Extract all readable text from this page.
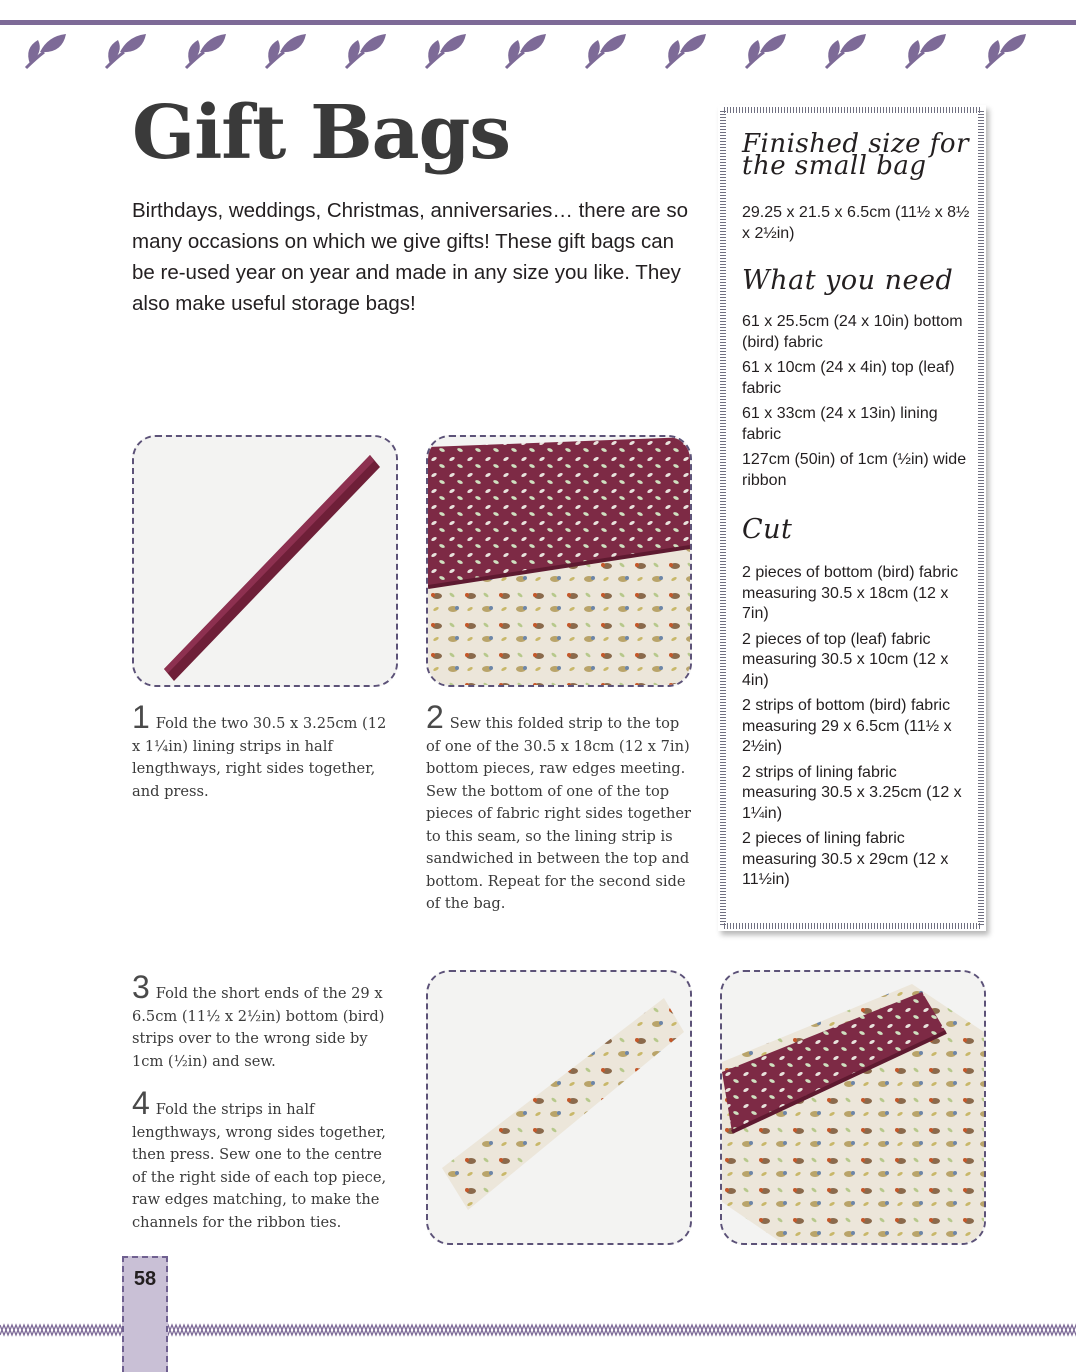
Gift Bags

Birthdays, weddings, Christmas, anniversaries… there are so many occasions on which we give gifts! These gift bags can be re-used year on year and made in any size you like. They also make useful storage bags!

1 Fold the two 30.5 x 3.25cm (12 x 1¼in) lining strips in half lengthways, right sides together, and press.

2 Sew this folded strip to the top of one of the 30.5 x 18cm (12 x 7in) bottom pieces, raw edges meeting. Sew the bottom of one of the top pieces of fabric right sides together to this seam, so the lining strip is sandwiched in between the top and bottom. Repeat for the second side of the bag.

3 Fold the short ends of the 29 x 6.5cm (11½ x 2½in) bottom (bird) strips over to the wrong side by 1cm (½in) and sew.

4 Fold the strips in half lengthways, wrong sides together, then press. Sew one to the centre of the right side of each top piece, raw edges matching, to make the channels for the ribbon ties.

Finished size for the small bag

29.25 x 21.5 x 6.5cm (11½ x 8½ x 2½in)

What you need

61 x 25.5cm (24 x 10in) bottom (bird) fabric
61 x 10cm (24 x 4in) top (leaf) fabric
61 x 33cm (24 x 13in) lining fabric
127cm (50in) of 1cm (½in) wide ribbon

Cut

2 pieces of bottom (bird) fabric measuring 30.5 x 18cm (12 x 7in)
2 pieces of top (leaf) fabric measuring 30.5 x 10cm (12 x 4in)
2 strips of bottom (bird) fabric measuring 29 x 6.5cm (11½ x 2½in)
2 strips of lining fabric measuring 30.5 x 3.25cm (12 x 1¼in)
2 pieces of lining fabric measuring 30.5 x 29cm (12 x 11½in)
58
